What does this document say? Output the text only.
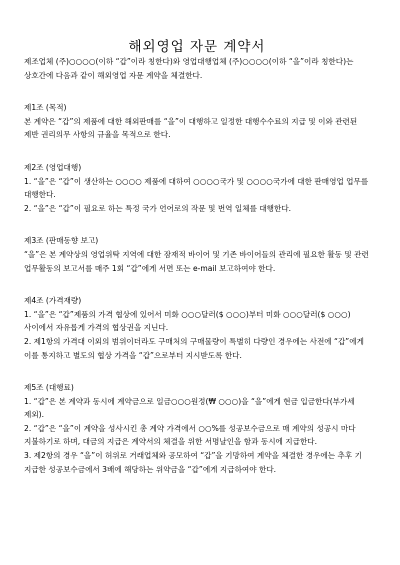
해외영업 자문 계약서

제조업체 (주)○○○○(이하 “갑”이라 칭한다)와 영업대행업체 (주)○○○○(이하 “을”이라 칭한다)는 상호간에 다음과 같이 해외영업 자문 계약을 체결한다.

제1조 (목적)

본 계약은 “갑”의 제품에 대한 해외판매를 “을”이 대행하고 일정한 대행수수료의 지급 및 이와 관련된 제반 권리의무 사항의 규율을 목적으로 한다.

제2조 (영업대행)

1. “을”은 “갑”이 생산하는 ○○○○ 제품에 대하여 ○○○○국가 및 ○○○○국가에 대한 판매영업 업무를 대행한다.

2. “을”은 “갑”이 필요로 하는 특정 국가 언어로의 작문 및 번역 일체를 대행한다.

제3조 (판매동향 보고)

“을”은 본 계약상의 영업위탁 지역에 대한 잠재적 바이어 및 기존 바이어들의 관리에 필요한 활동 및 관련 업무활동의 보고서를 매주 1회 “갑”에게 서면 또는 e-mail 보고하여야 한다.

제4조 (가격재량)

1. “을”은 “갑”제품의 가격 협상에 있어서 미화 ○○○달러($ ○○○)부터 미화 ○○○달러($ ○○○)사이에서 자유롭게 가격의 협상권을 지닌다.

2. 제1항의 가격대 이외의 범위이더라도 구매처의 구매물량이 특별히 다량인 경우에는 사전에 “갑”에게 이를 통지하고 별도의 협상 가격을 “갑”으로부터 지시받도록 한다.

제5조 (대행료)

1. “갑”은 본 계약과 동시에 계약금으로 일금○○○원정(₩ ○○○)을 “을”에게 현금 입금한다(부가세 제외).

2. “갑”은 “을”이 계약을 성사시킨 총 계약 가격에서 ○○%를 성공보수금으로 매 계약의 성공시 마다 지불하기로 하며, 대금의 지급은 계약서의 체결을 위한 서명날인을 함과 동시에 지급한다.

3. 제2항의 경우 “을”이 허위로 거래업체와 공모하여 “갑”을 기망하여 계약을 체결한 경우에는 추후 기 지급한 성공보수금에서 3배에 해당하는 위약금을 “갑”에게 지급하여야 한다.
